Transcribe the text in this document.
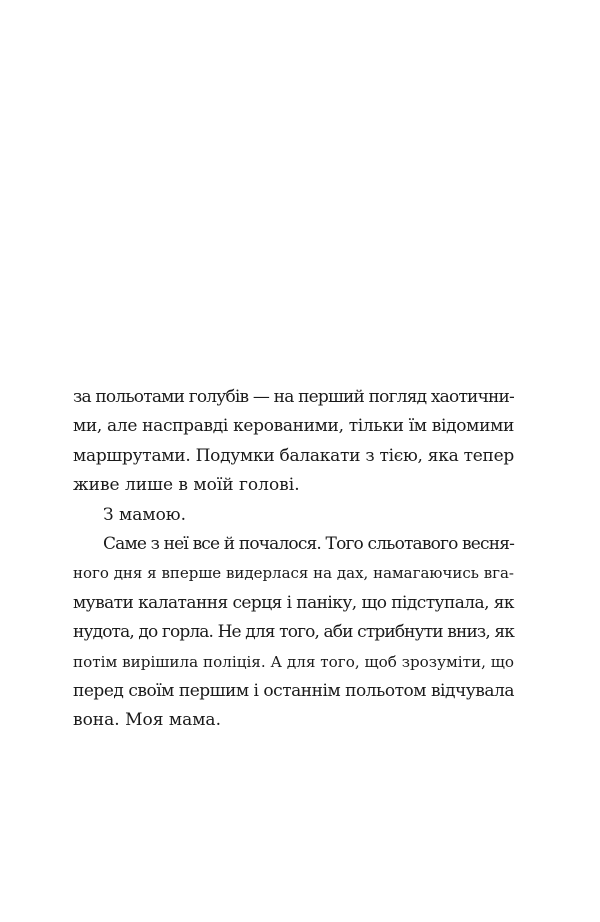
за польотами голубів — на перший погляд хаотични-
ми, але насправді керованими, тільки їм відомими
маршрутами. Подумки балакати з тією, яка тепер
живе лише в моїй голові.
З мамою.
Саме з неї все й почалося. Того сльотавого весня-
ного дня я вперше видерлася на дах, намагаючись вга-
мувати калатання серця і паніку, що підступала, як
нудота, до горла. Не для того, аби стрибнути вниз, як
потім вирішила поліція. А для того, щоб зрозуміти, що
перед своїм першим і останнім польотом відчувала
вона. Моя мама.
